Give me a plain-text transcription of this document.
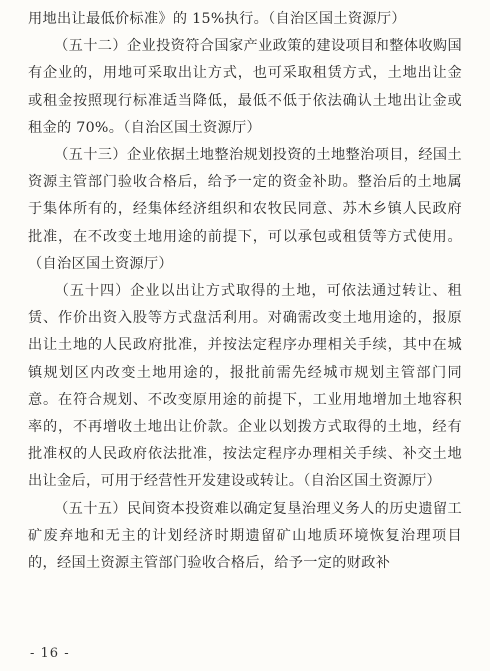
用地出让最低价标准》的 15%执行。（自治区国土资源厅）

（五十二）企业投资符合国家产业政策的建设项目和整体收购国有企业的，用地可采取出让方式，也可采取租赁方式，土地出让金或租金按照现行标准适当降低，最低不低于依法确认土地出让金或租金的 70%。（自治区国土资源厅）

（五十三）企业依据土地整治规划投资的土地整治项目，经国土资源主管部门验收合格后，给予一定的资金补助。整治后的土地属于集体所有的，经集体经济组织和农牧民同意、苏木乡镇人民政府批准，在不改变土地用途的前提下，可以承包或租赁等方式使用。（自治区国土资源厅）

（五十四）企业以出让方式取得的土地，可依法通过转让、租赁、作价出资入股等方式盘活利用。对确需改变土地用途的，报原出让土地的人民政府批准，并按法定程序办理相关手续，其中在城镇规划区内改变土地用途的，报批前需先经城市规划主管部门同意。在符合规划、不改变原用途的前提下，工业用地增加土地容积率的，不再增收土地出让价款。企业以划拨方式取得的土地，经有批准权的人民政府依法批准，按法定程序办理相关手续、补交土地出让金后，可用于经营性开发建设或转让。（自治区国土资源厅）

（五十五）民间资本投资难以确定复垦治理义务人的历史遗留工矿废弃地和无主的计划经济时期遗留矿山地质环境恢复治理项目的，经国土资源主管部门验收合格后，给予一定的财政补

- 16 -
